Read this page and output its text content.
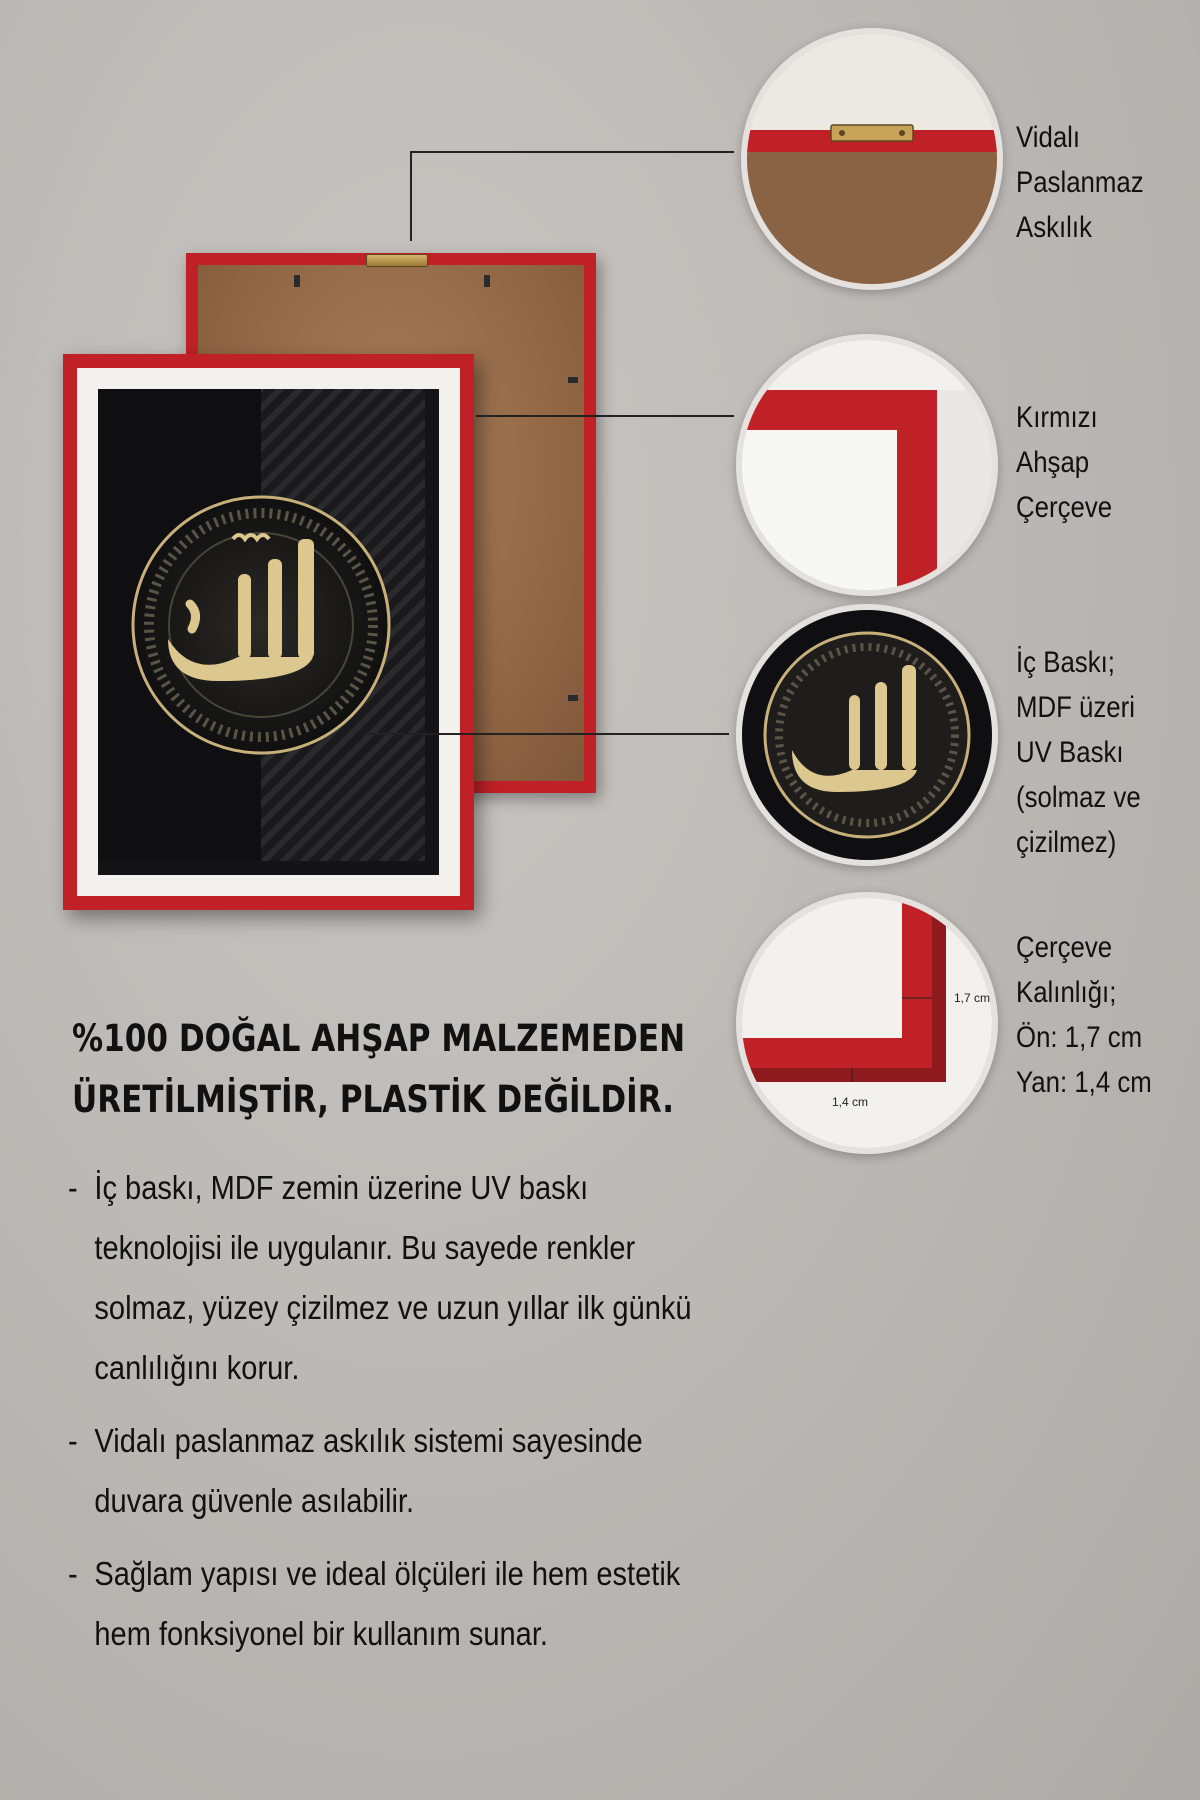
Vidalı
Paslanmaz
Askılık
Kırmızı
Ahşap
Çerçeve
İç Baskı;
MDF üzeri
UV Baskı
(solmaz ve
çizilmez)
1,7 cm
1,4 cm
Çerçeve
Kalınlığı;
Ön: 1,7 cm
Yan: 1,4 cm
%100 DOĞAL AHŞAP MALZEMEDEN
ÜRETİLMİŞTİR, PLASTİK DEĞİLDİR.
- İç baskı, MDF zemin üzerine UV baskı teknolojisi ile uygulanır. Bu sayede renkler solmaz, yüzey çizilmez ve uzun yıllar ilk günkü canlılığını korur.
- Vidalı paslanmaz askılık sistemi sayesinde duvara güvenle asılabilir.
- Sağlam yapısı ve ideal ölçüleri ile hem estetik hem fonksiyonel bir kullanım sunar.
